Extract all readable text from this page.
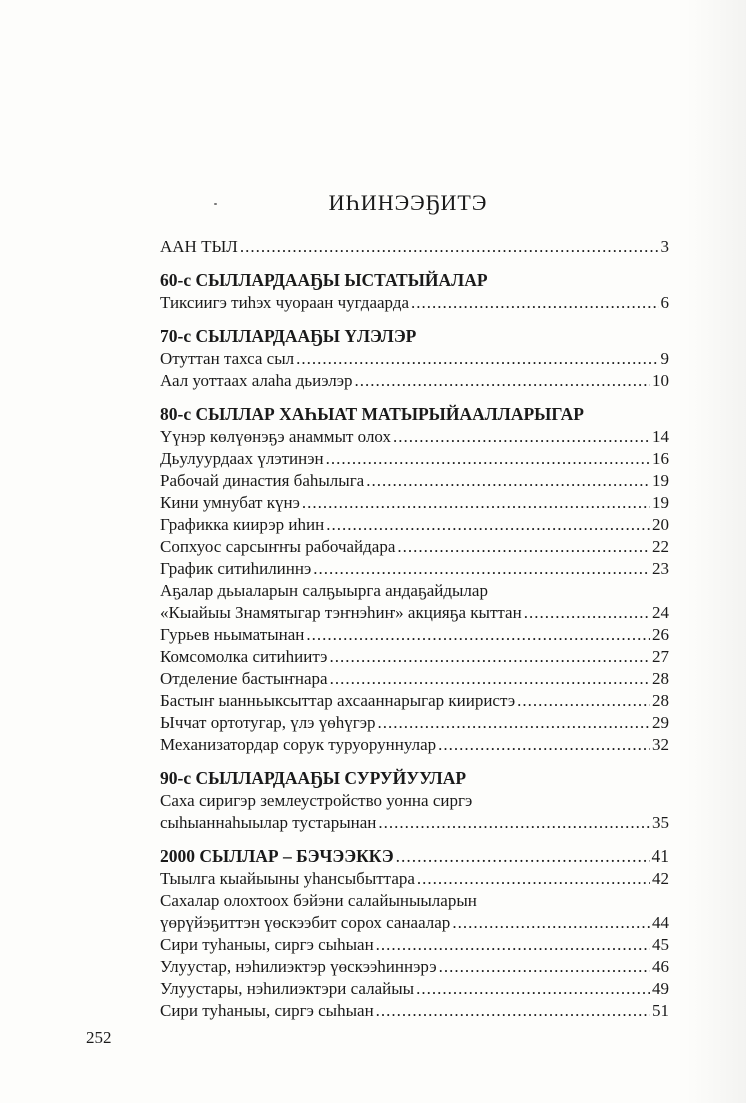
ИҺИНЭЭҔИТЭ
ААН ТЫЛ .....	3
60-с СЫЛЛАРДААҔЫ ЫСТАТЫЙАЛАР
Тиксиигэ тиһэх чуораан чугдаарда .....	6
70-с СЫЛЛАРДААҔЫ ҮЛЭЛЭР
Отуттан тахса сыл .....	9
Аал уоттаах алаһа дьиэлэр .....	10
80-с СЫЛЛАР ХАҺЫАТ МАТЫРЫЙААЛЛАРЫГАР
Үүнэр көлүөнэҕэ анаммыт олох .....	14
Дьулуурдаах үлэтинэн .....	16
Рабочай династия баһылыга .....	19
Кини умнубат күнэ .....	19
Графикка киирэр иһин .....	20
Сопхуос сарсыҥҥы рабочайдара .....	22
График ситиһилиннэ .....	23
Аҕалар дьыаларын салҕыырга андаҕайдылар
«Кыайыы Знамятыгар тэҥнэһиҥ» акцияҕа кыттан .....	24
Гурьев ньыматынан .....	26
Комсомолка ситиһиитэ .....	27
Отделение бастыҥнара .....	28
Бастыҥ ыанньыксыттар ахсааннарыгар кииристэ .....	28
Ыччат ортотугар, үлэ үөһүгэр .....	29
Механизатордар сорук туруоруннулар .....	32
90-с СЫЛЛАРДААҔЫ СУРУЙУУЛАР
Саха сиригэр землеустройство уонна сиргэ
сыһыаннаһыылар тустарынан .....	35
2000 СЫЛЛАР – БЭЧЭЭККЭ .....	41
Тыылга кыайыыны уһансыбыттара .....	42
Сахалар олохтоох бэйэни салайыныыларын
үөрүйэҕиттэн үөскээбит сорох санаалар .....	44
Сири туһаныы, сиргэ сыһыан .....	45
Улуустар, нэһилиэктэр үөскээһиннэрэ .....	46
Улуустары, нэһилиэктэри салайыы .....	49
Сири туһаныы, сиргэ сыһыан .....	51
252
